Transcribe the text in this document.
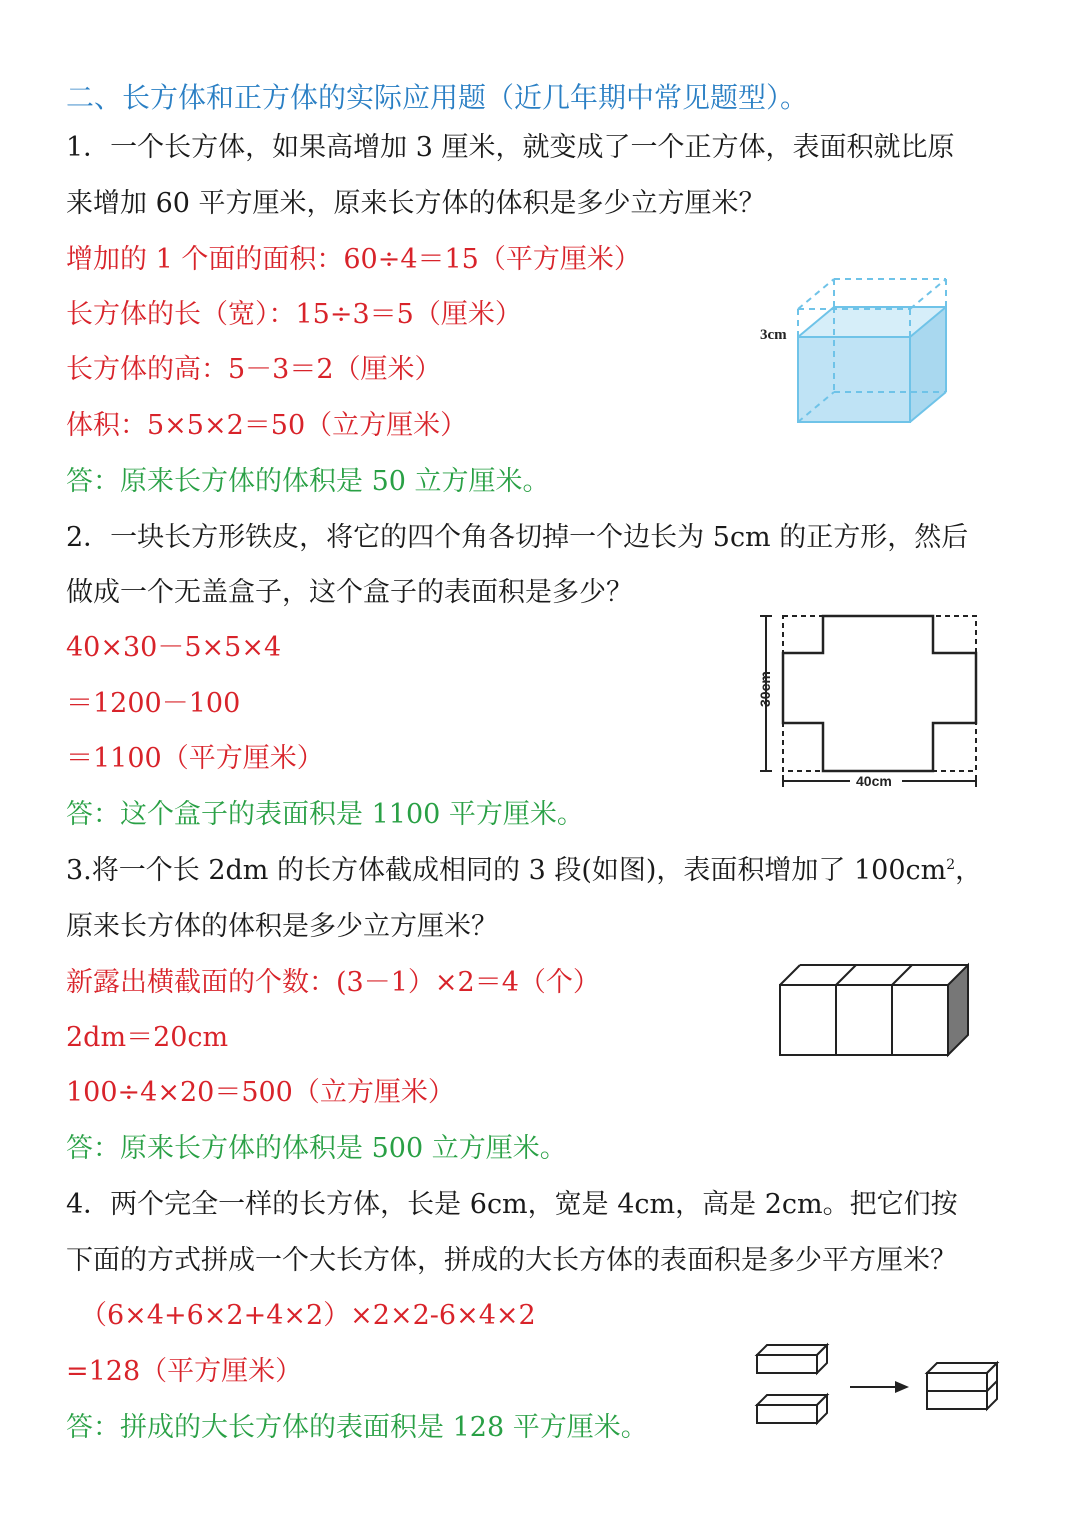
二、长方体和正方体的实际应用题（近几年期中常见题型）。
1．一个长方体，如果高增加 3 厘米，就变成了一个正方体，表面积就比原
来增加 60 平方厘米，原来长方体的体积是多少立方厘米？
增加的 1 个面的面积：60÷4＝15（平方厘米）
长方体的长（宽）：15÷3＝5（厘米）
长方体的高：5－3＝2（厘米）
体积：5×5×2＝50（立方厘米）
答：原来长方体的体积是 50 立方厘米。
3cm
2．一块长方形铁皮，将它的四个角各切掉一个边长为 5cm 的正方形，然后
做成一个无盖盒子，这个盒子的表面积是多少？
40×30－5×5×4
＝1200－100
＝1100（平方厘米）
答：这个盒子的表面积是 1100 平方厘米。
30cm
40cm
3.将一个长 2dm 的长方体截成相同的 3 段(如图)，表面积增加了 $100cm^2$，
原来长方体的体积是多少立方厘米？
新露出横截面的个数：(3－1）×2＝4（个）
2dm＝20cm
100÷4×20＝500（立方厘米）
答：原来长方体的体积是 500 立方厘米。
4．两个完全一样的长方体，长是 6cm，宽是 4cm，高是 2cm。把它们按
下面的方式拼成一个大长方体，拼成的大长方体的表面积是多少平方厘米？
（6×4+6×2+4×2）×2×2-6×4×2
=128（平方厘米）
答：拼成的大长方体的表面积是 128 平方厘米。
